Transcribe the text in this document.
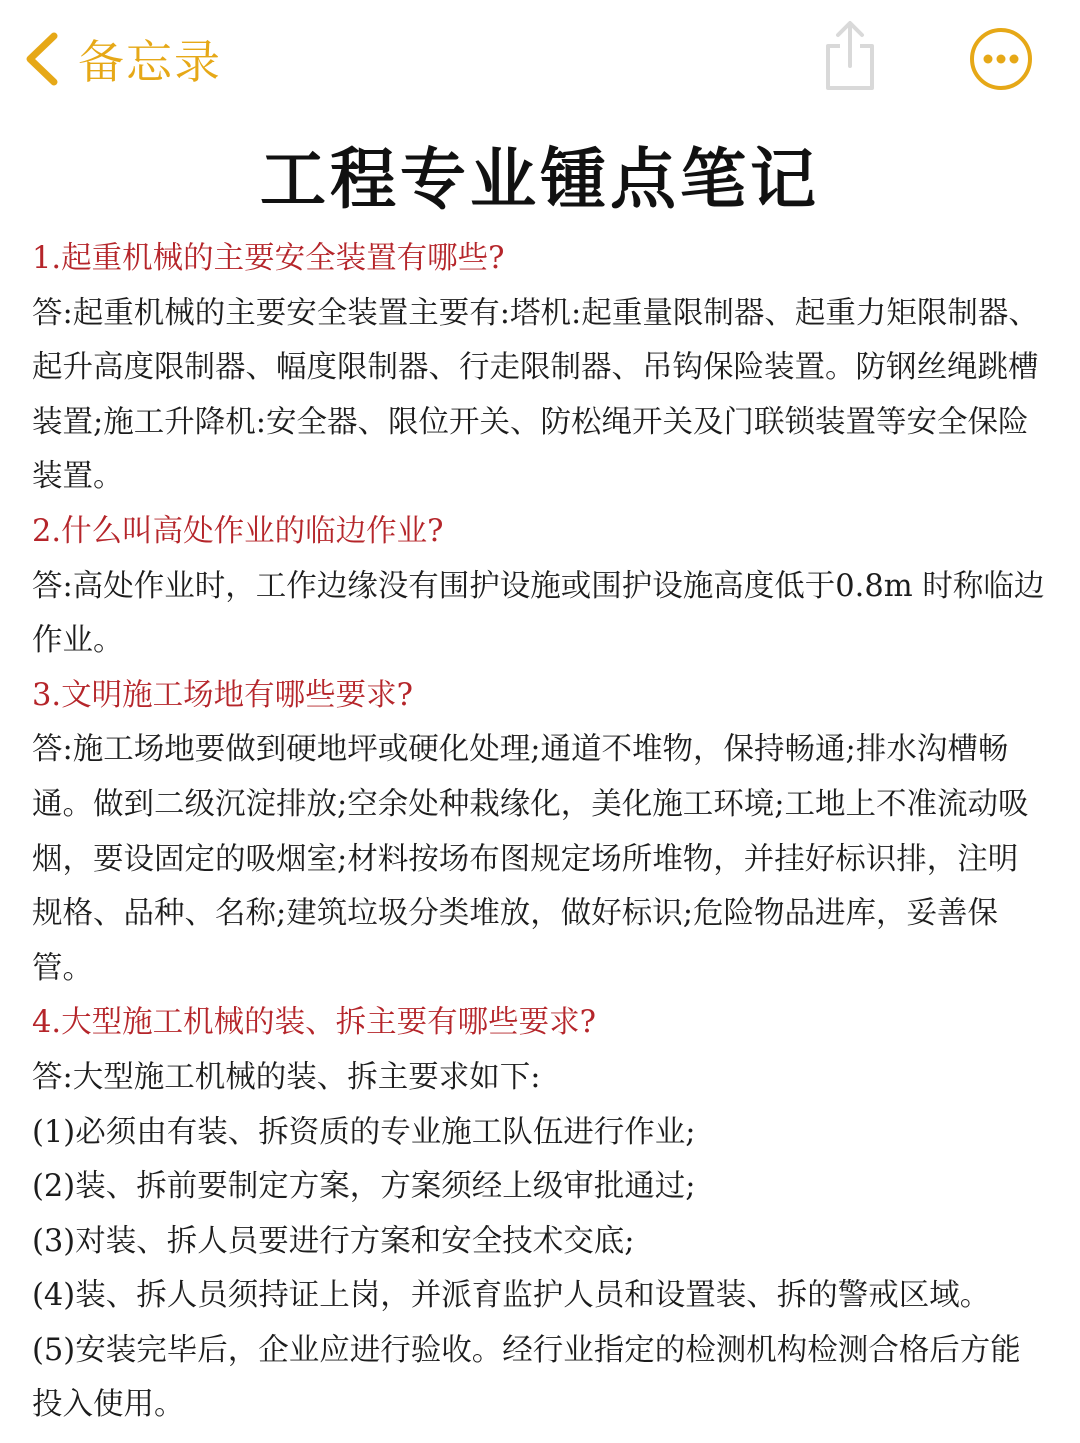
备忘录
工程专业锺点笔记

1.起重机械的主要安全装置有哪些?

答:起重机械的主要安全装置主要有:塔机:起重量限制器、起重力矩限制器、起升高度限制器、幅度限制器、行走限制器、吊钩保险装置。防钢丝绳跳槽装置;施工升降机:安全器、限位开关、防松绳开关及门联锁装置等安全保险装置。

2.什么叫高处作业的临边作业?

答:高处作业时，工作边缘没有围护设施或围护设施高度低于0.8m 时称临边作业。

3.文明施工场地有哪些要求?

答:施工场地要做到硬地坪或硬化处理;通道不堆物，保持畅通;排水沟槽畅通。做到二级沉淀排放;空余处种栽缘化，美化施工环境;工地上不准流动吸烟，要设固定的吸烟室;材料按场布图规定场所堆物，并挂好标识排，注明规格、品种、名称;建筑垃圾分类堆放，做好标识;危险物品进库，妥善保管。

4.大型施工机械的装、拆主要有哪些要求?

答:大型施工机械的装、拆主要求如下:

(1)必须由有装、拆资质的专业施工队伍进行作业;

(2)装、拆前要制定方案，方案须经上级审批通过;

(3)对装、拆人员要进行方案和安全技术交底;

(4)装、拆人员须持证上岗，并派育监护人员和设置装、拆的警戒区域。

(5)安装完毕后，企业应进行验收。经行业指定的检测机构检测合格后方能投入使用。
